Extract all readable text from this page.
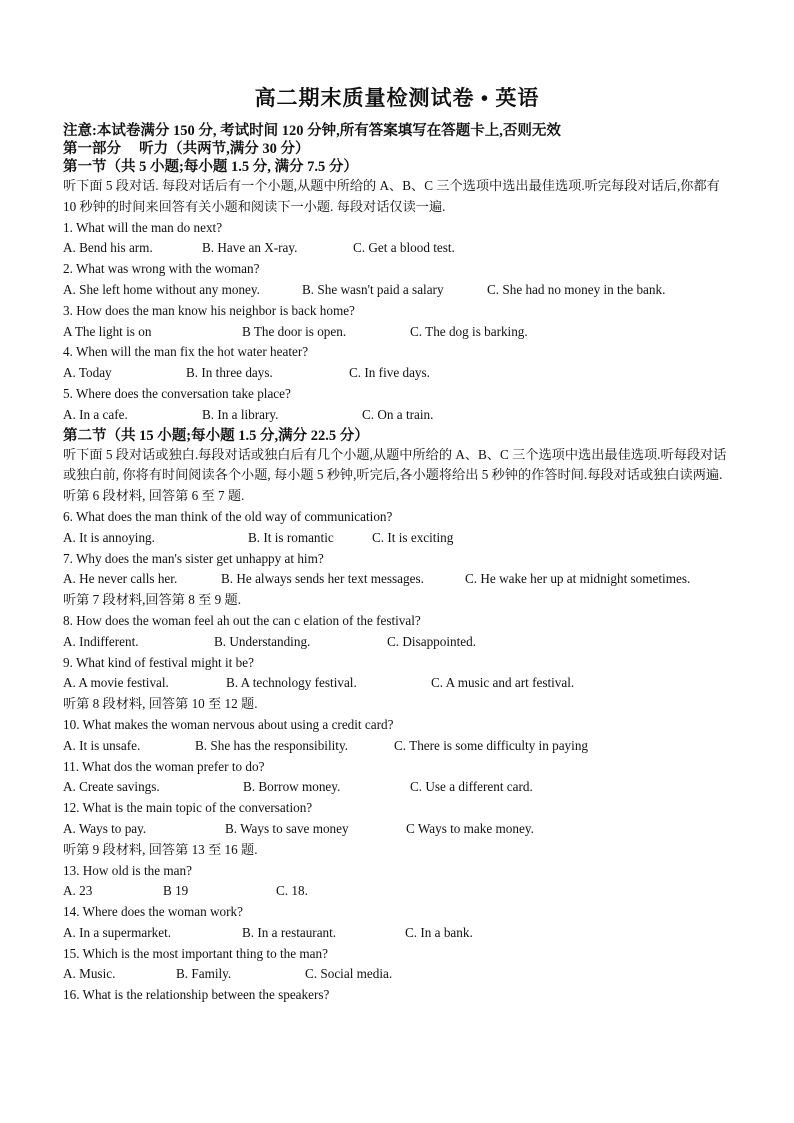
高二期末质量检测试卷 • 英语
注意:本试卷满分 150 分, 考试时间 120 分钟,所有答案填写在答题卡上,否则无效
第一部分　 听力（共两节,满分 30 分）
第一节（共 5 小题;每小题 1.5 分, 满分 7.5 分）
听下面 5 段对话. 每段对话后有一个小题,从题中所给的 A、B、C 三个选项中选出最佳选项.听完每段对话后,你都有 10 秒钟的时间来回答有关小题和阅读下一小题. 每段对话仅读一遍.
1. What will the man do next?
A. Bend his arm.	B. Have an X-ray.	C. Get a blood test.
2. What was wrong with the woman?
A. She left home without any money.	B. She wasn't paid a salary	C. She had no money in the bank.
3. How does the man know his neighbor is back home?
A The light is on	B The door is open.	C. The dog is barking.
4. When will the man fix the hot water heater?
A. Today	B. In three days.	C. In five days.
5. Where does the conversation take place?
A. In a cafe.	B. In a library.	C. On a train.
第二节（共 15 小题;每小题 1.5 分,满分 22.5 分）
听下面 5 段对话或独白.每段对话或独白后有几个小题,从题中所给的 A、B、C 三个选项中选出最佳选项.听每段对话或独白前, 你将有时间阅读各个小题, 每小题 5 秒钟,听完后,各小题将给出 5 秒钟的作答时间.每段对话或独白读两遍.
听第 6 段材料, 回答第 6 至 7 题.
6. What does the man think of the old way of communication?
A. It is annoying.	B. It is romantic	C. It is exciting
7. Why does the man's sister get unhappy at him?
A. He never calls her.	B. He always sends her text messages.	C. He wake her up at midnight sometimes.
听第 7 段材料,回答第 8 至 9 题.
8. How does the woman feel ah out the can c elation of the festival?
A. Indifferent.	B. Understanding.	C. Disappointed.
9. What kind of festival might it be?
A. A movie festival.	B. A technology festival.	C. A music and art festival.
听第 8 段材料, 回答第 10 至 12 题.
10. What makes the woman nervous about using a credit card?
A. It is unsafe.	B. She has the responsibility.	C. There is some difficulty in paying
11. What dos the woman prefer to do?
A. Create savings.	B. Borrow money.	C. Use a different card.
12. What is the main topic of the conversation?
A. Ways to pay.	B. Ways to save money	C Ways to make money.
听第 9 段材料, 回答第 13 至 16 题.
13. How old is the man?
A. 23	B 19	C. 18.
14. Where does the woman work?
A. In a supermarket.	B. In a restaurant.	C. In a bank.
15. Which is the most important thing to the man?
A. Music.	B. Family.	C. Social media.
16. What is the relationship between the speakers?
